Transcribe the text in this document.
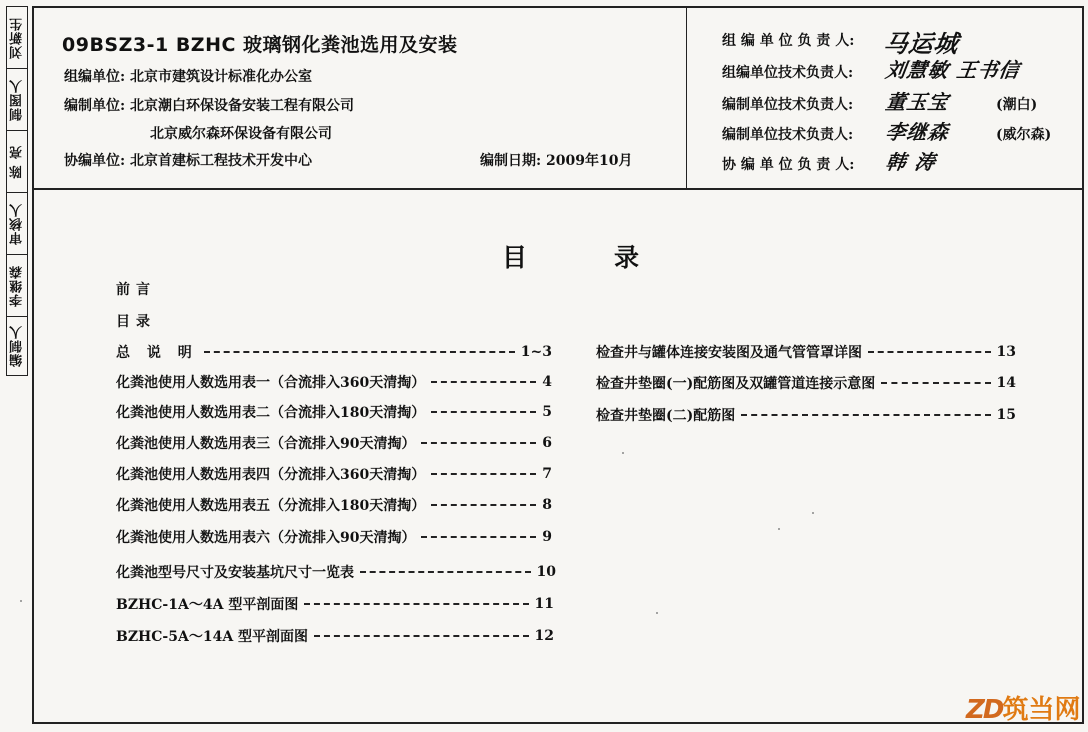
刘新生
制图人
陈 亮
审核人
李继森
编制人
09BSZ3-1 BZHC 玻璃钢化粪池选用及安装
组编单位: 北京市建筑设计标准化办公室
编制单位: 北京潮白环保设备安装工程有限公司
北京威尔森环保设备有限公司
协编单位: 北京首建标工程技术开发中心	编制日期: 2009年10月
组 编 单 位 负 责 人: 马运城
组编单位技术负责人: 刘慧敏 王书信
编制单位技术负责人: 董玉宝	(潮白)
编制单位技术负责人: 李继森	(威尔森)
协 编 单 位 负 责 人: 韩 涛
目	录
前言
目录
总 说 明	1~3
化粪池使用人数选用表一（合流排入360天清掏）	4
化粪池使用人数选用表二（合流排入180天清掏）	5
化粪池使用人数选用表三（合流排入90天清掏）	6
化粪池使用人数选用表四（分流排入360天清掏）	7
化粪池使用人数选用表五（分流排入180天清掏）	8
化粪池使用人数选用表六（分流排入90天清掏）	9
化粪池型号尺寸及安装基坑尺寸一览表	10
BZHC-1A～4A 型平剖面图	11
BZHC-5A～14A 型平剖面图	12
检查井与罐体连接安装图及通气管管罩详图	13
检查井垫圈(一)配筋图及双罐管道连接示意图	14
检查井垫圈(二)配筋图	15
ZD筑当网
